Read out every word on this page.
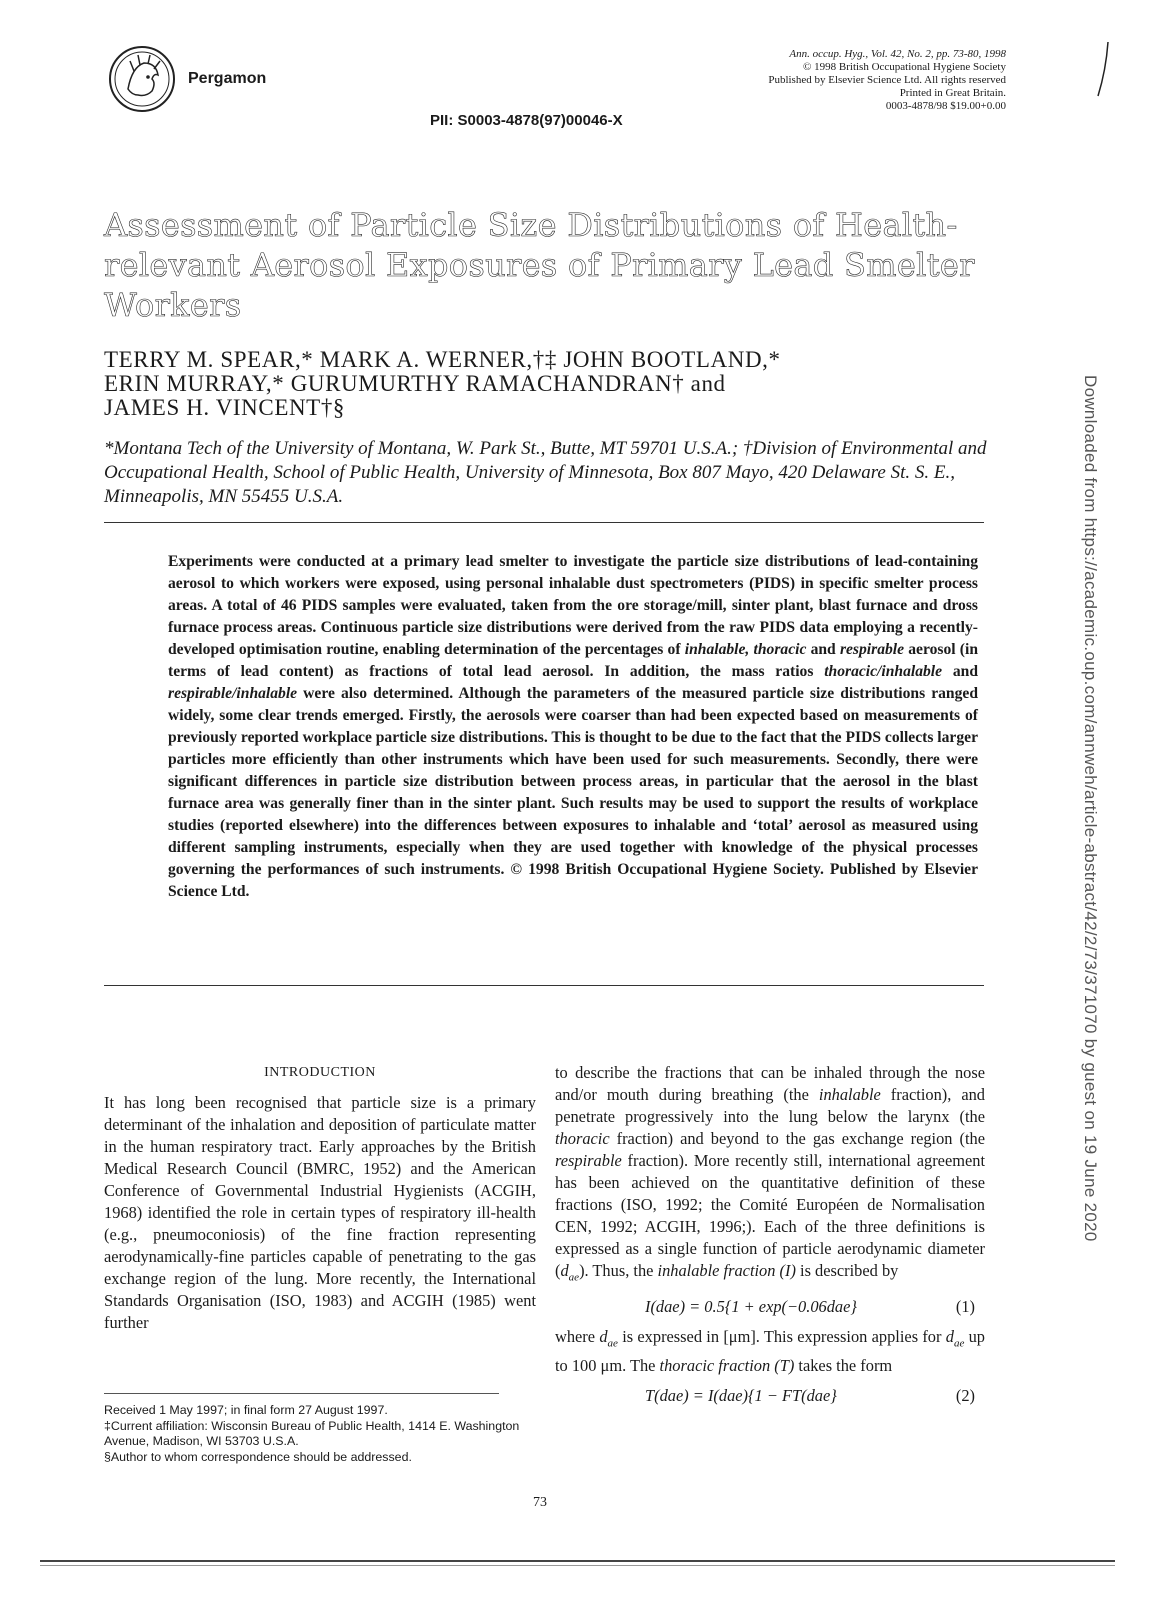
Pergamon
PII: S0003-4878(97)00046-X
Ann. occup. Hyg., Vol. 42, No. 2, pp. 73-80, 1998
© 1998 British Occupational Hygiene Society
Published by Elsevier Science Ltd. All rights reserved
Printed in Great Britain.
0003-4878/98 $19.00+0.00
Assessment of Particle Size Distributions of Health-relevant Aerosol Exposures of Primary Lead Smelter Workers
TERRY M. SPEAR,* MARK A. WERNER,†‡ JOHN BOOTLAND,*
ERIN MURRAY,* GURUMURTHY RAMACHANDRAN† and
JAMES H. VINCENT†§
*Montana Tech of the University of Montana, W. Park St., Butte, MT 59701 U.S.A.; †Division of Environmental and Occupational Health, School of Public Health, University of Minnesota, Box 807 Mayo, 420 Delaware St. S. E., Minneapolis, MN 55455 U.S.A.
Experiments were conducted at a primary lead smelter to investigate the particle size distributions of lead-containing aerosol to which workers were exposed, using personal inhalable dust spectrometers (PIDS) in specific smelter process areas. A total of 46 PIDS samples were evaluated, taken from the ore storage/mill, sinter plant, blast furnace and dross furnace process areas. Continuous particle size distributions were derived from the raw PIDS data employing a recently-developed optimisation routine, enabling determination of the percentages of inhalable, thoracic and respirable aerosol (in terms of lead content) as fractions of total lead aerosol. In addition, the mass ratios thoracic/inhalable and respirable/inhalable were also determined. Although the parameters of the measured particle size distributions ranged widely, some clear trends emerged. Firstly, the aerosols were coarser than had been expected based on measurements of previously reported workplace particle size distributions. This is thought to be due to the fact that the PIDS collects larger particles more efficiently than other instruments which have been used for such measurements. Secondly, there were significant differences in particle size distribution between process areas, in particular that the aerosol in the blast furnace area was generally finer than in the sinter plant. Such results may be used to support the results of workplace studies (reported elsewhere) into the differences between exposures to inhalable and ‘total’ aerosol as measured using different sampling instruments, especially when they are used together with knowledge of the physical processes governing the performances of such instruments. © 1998 British Occupational Hygiene Society. Published by Elsevier Science Ltd.
INTRODUCTION
It has long been recognised that particle size is a primary determinant of the inhalation and deposition of particulate matter in the human respiratory tract. Early approaches by the British Medical Research Council (BMRC, 1952) and the American Conference of Governmental Industrial Hygienists (ACGIH, 1968) identified the role in certain types of respiratory ill-health (e.g., pneumoconiosis) of the fine fraction representing aerodynamically-fine particles capable of penetrating to the gas exchange region of the lung. More recently, the International Standards Organisation (ISO, 1983) and ACGIH (1985) went further
to describe the fractions that can be inhaled through the nose and/or mouth during breathing (the inhalable fraction), and penetrate progressively into the lung below the larynx (the thoracic fraction) and beyond to the gas exchange region (the respirable fraction). More recently still, international agreement has been achieved on the quantitative definition of these fractions (ISO, 1992; the Comité Européen de Normalisation CEN, 1992; ACGIH, 1996;). Each of the three definitions is expressed as a single function of particle aerodynamic diameter $(d_{ae})$. Thus, the inhalable fraction (I) is described by
I(dae) = 0.5{1 + exp(−0.06dae}	(1)
where $d_{ae}$ is expressed in [μm]. This expression applies for $d_{ae}$ up to 100 μm. The thoracic fraction (T) takes the form
T(dae) = I(dae){1 − FT(dae}	(2)
Received 1 May 1997; in final form 27 August 1997.
‡Current affiliation: Wisconsin Bureau of Public Health, 1414 E. Washington Avenue, Madison, WI 53703 U.S.A.
§Author to whom correspondence should be addressed.
73
Downloaded from https://academic.oup.com/annweh/article-abstract/42/2/73/371070 by guest on 19 June 2020
